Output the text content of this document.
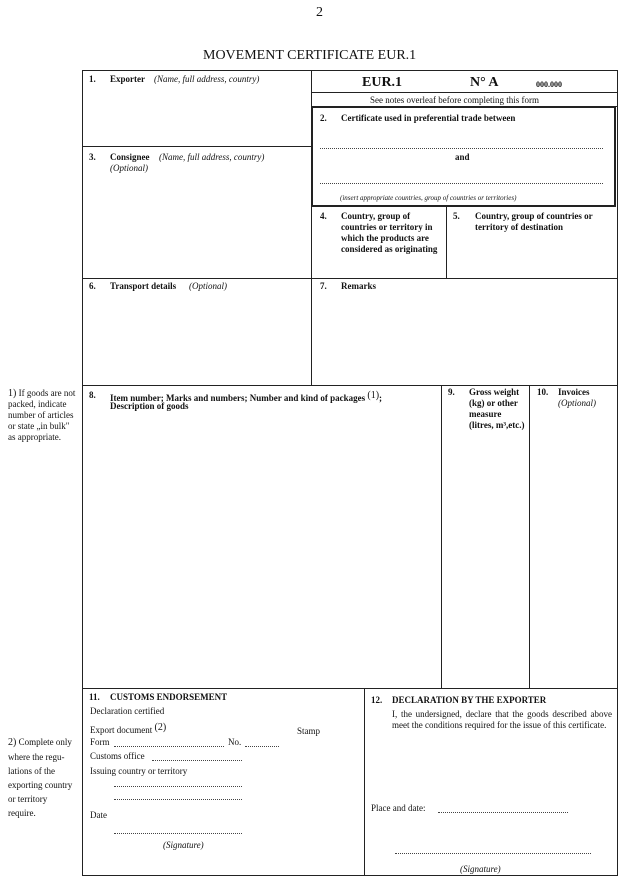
2
MOVEMENT CERTIFICATE EUR.1
1) If goods are not packed, indicate number of articles or state „in bulk" as appropriate.
2) Complete only where the regu-lations of the exporting country or territory require.
EUR.1	N° A	000.000
See notes overleaf before completing this form
1. Exporter (Name, full address, country)
2. Certificate used in preferential trade between
and
(insert appropriate countries, group of countries or territories)
3. Consignee (Name, full address, country)
(Optional)
4. Country, group of countries or territory in which the products are considered as originating
5. Country, group of countries or territory of destination
6. Transport details (Optional)	7. Remarks
8. Item number; Marks and numbers; Number and kind of packages (1);
Description of goods
9. Gross weight (kg) or other measure (litres, m³,etc.)
10. Invoices
(Optional)
11. CUSTOMS ENDORSEMENT
Declaration certified
Export document (2)	Stamp
Form	No.
Customs office
Issuing country or territory
Date
(Signature)
12. DECLARATION BY THE EXPORTER
I, the undersigned, declare that the goods described above meet the conditions required for the issue of this certificate.
Place and date:
(Signature)
